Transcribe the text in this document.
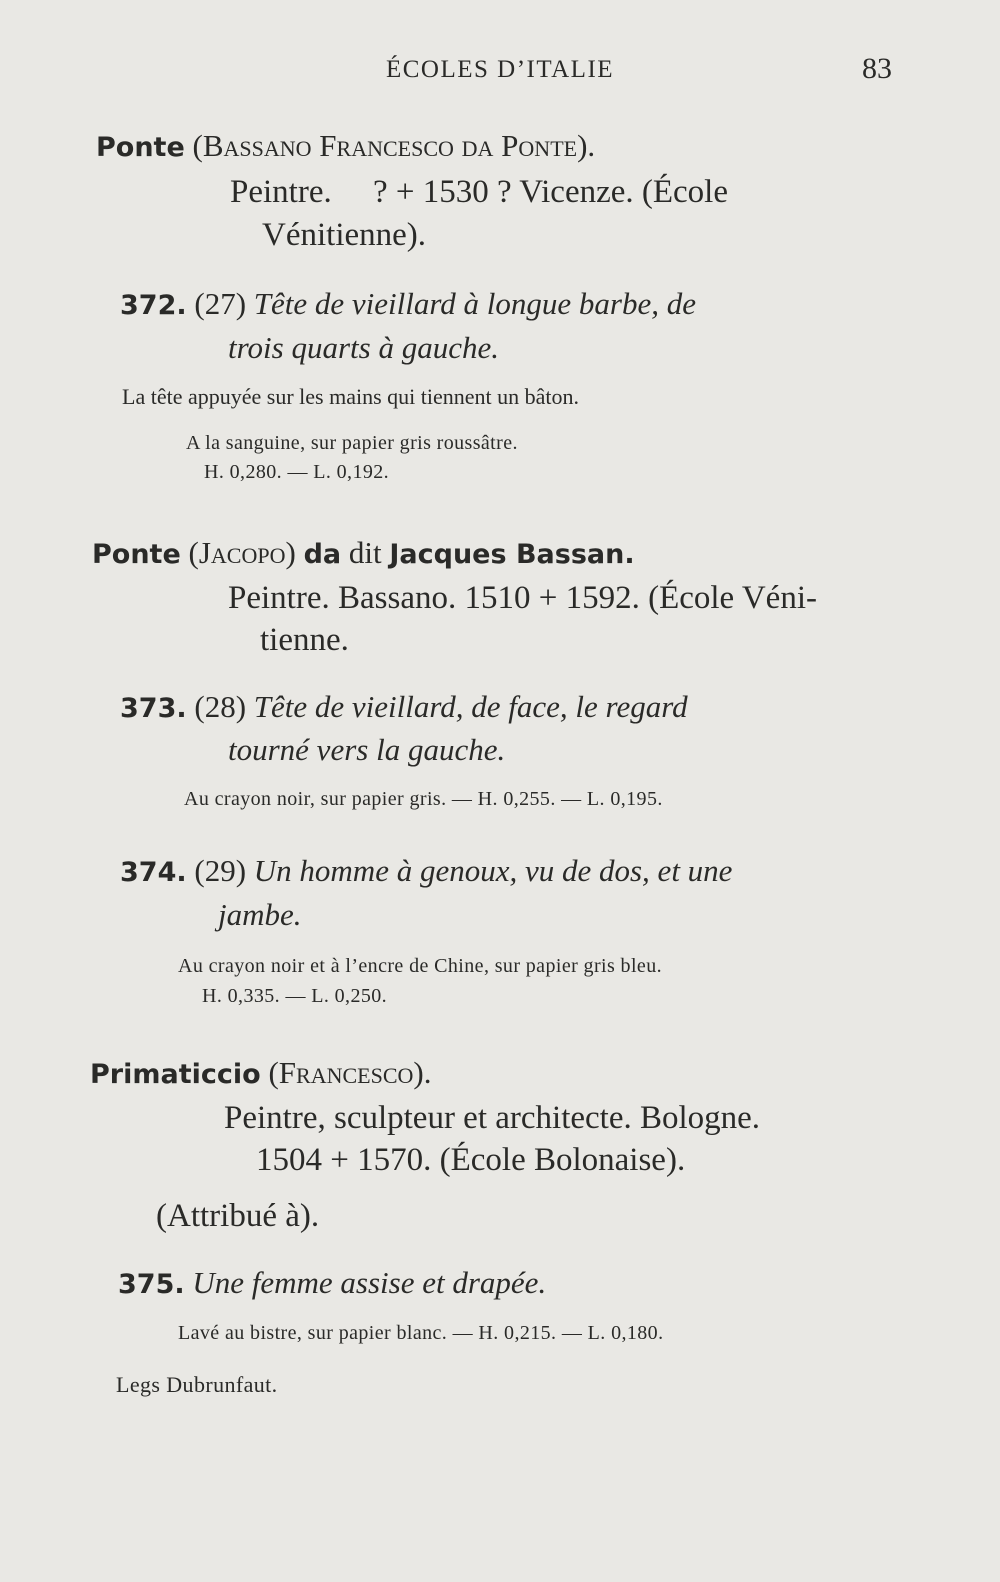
ÉCOLES D’ITALIE	83
Ponte (Bassano Francesco da Ponte).
Peintre.     ? + 1530 ? Vicenze. (École
Vénitienne).
372. (27) Tête de vieillard à longue barbe, de
trois quarts à gauche.
La tête appuyée sur les mains qui tiennent un bâton.
A la sanguine, sur papier gris roussâtre.
H. 0,280. — L. 0,192.
Ponte (Jacopo) da dit Jacques Bassan.
Peintre. Bassano. 1510 + 1592. (École Véni-
tienne.
373. (28) Tête de vieillard, de face, le regard
tourné vers la gauche.
Au crayon noir, sur papier gris. — H. 0,255. — L. 0,195.
374. (29) Un homme à genoux, vu de dos, et une
jambe.
Au crayon noir et à l’encre de Chine, sur papier gris bleu.
H. 0,335. — L. 0,250.
Primaticcio (Francesco).
Peintre, sculpteur et architecte. Bologne.
1504 + 1570. (École Bolonaise).
(Attribué à).
375. Une femme assise et drapée.
Lavé au bistre, sur papier blanc. — H. 0,215. — L. 0,180.
Legs Dubrunfaut.
